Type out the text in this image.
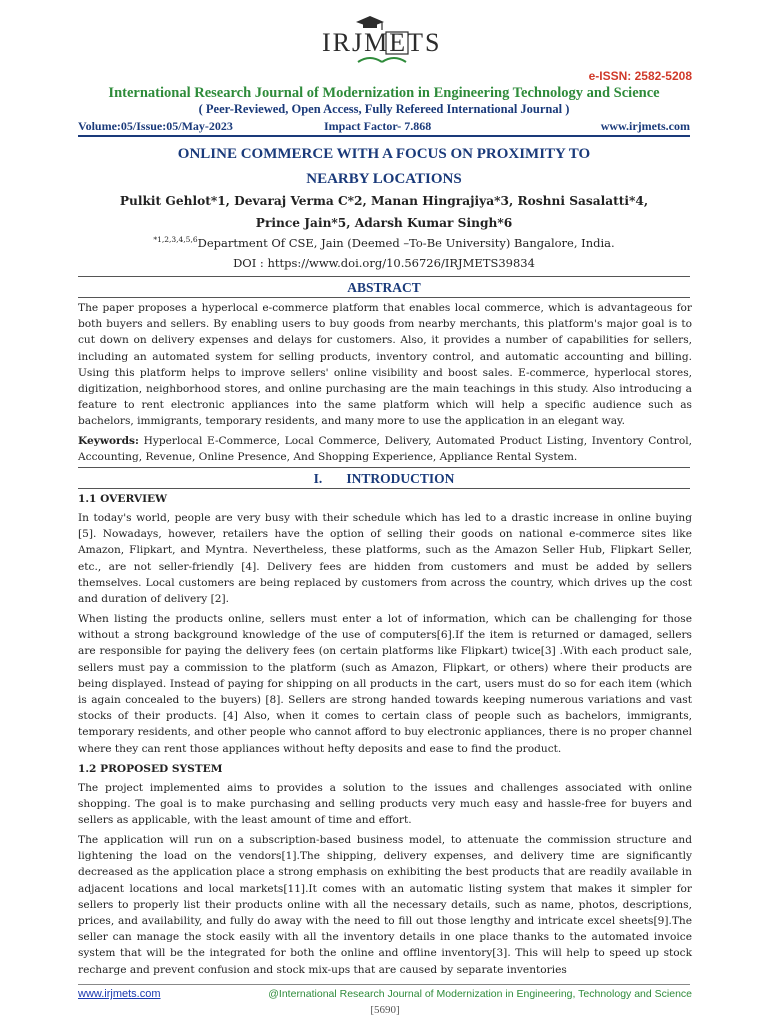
IRJMETS
e-ISSN: 2582-5208
International Research Journal of Modernization in Engineering Technology and Science
( Peer-Reviewed, Open Access, Fully Refereed International Journal )
Volume:05/Issue:05/May-2023	Impact Factor- 7.868	www.irjmets.com
ONLINE COMMERCE WITH A FOCUS ON PROXIMITY TO
NEARBY LOCATIONS
Pulkit Gehlot*1, Devaraj Verma C*2, Manan Hingrajiya*3, Roshni Sasalatti*4,
Prince Jain*5, Adarsh Kumar Singh*6
$^{*1,2,3,4,5,6}$Department Of CSE, Jain (Deemed –To-Be University) Bangalore, India.
DOI : https://www.doi.org/10.56726/IRJMETS39834
ABSTRACT

The paper proposes a hyperlocal e-commerce platform that enables local commerce, which is advantageous for both buyers and sellers. By enabling users to buy goods from nearby merchants, this platform's major goal is to cut down on delivery expenses and delays for customers. Also, it provides a number of capabilities for sellers, including an automated system for selling products, inventory control, and automatic accounting and billing. Using this platform helps to improve sellers' online visibility and boost sales. E-commerce, hyperlocal stores, digitization, neighborhood stores, and online purchasing are the main teachings in this study. Also introducing a feature to rent electronic appliances into the same platform which will help a specific audience such as bachelors, immigrants, temporary residents, and many more to use the application in an elegant way.

Keywords: Hyperlocal E-Commerce, Local Commerce, Delivery, Automated Product Listing, Inventory Control, Accounting, Revenue, Online Presence, And Shopping Experience, Appliance Rental System.

I. INTRODUCTION
1.1 OVERVIEW

In today's world, people are very busy with their schedule which has led to a drastic increase in online buying [5]. Nowadays, however, retailers have the option of selling their goods on national e-commerce sites like Amazon, Flipkart, and Myntra. Nevertheless, these platforms, such as the Amazon Seller Hub, Flipkart Seller, etc., are not seller-friendly [4]. Delivery fees are hidden from customers and must be added by sellers themselves. Local customers are being replaced by customers from across the country, which drives up the cost and duration of delivery [2].

When listing the products online, sellers must enter a lot of information, which can be challenging for those without a strong background knowledge of the use of computers[6].If the item is returned or damaged, sellers are responsible for paying the delivery fees (on certain platforms like Flipkart) twice[3] .With each product sale, sellers must pay a commission to the platform (such as Amazon, Flipkart, or others) where their products are being displayed. Instead of paying for shipping on all products in the cart, users must do so for each item (which is again concealed to the buyers) [8]. Sellers are strong handed towards keeping numerous variations and vast stocks of their products. [4] Also, when it comes to certain class of people such as bachelors, immigrants, temporary residents, and other people who cannot afford to buy electronic appliances, there is no proper channel where they can rent those appliances without hefty deposits and ease to find the product.

1.2 PROPOSED SYSTEM

The project implemented aims to provides a solution to the issues and challenges associated with online shopping. The goal is to make purchasing and selling products very much easy and hassle-free for buyers and sellers as applicable, with the least amount of time and effort.

The application will run on a subscription-based business model, to attenuate the commission structure and lightening the load on the vendors[1].The shipping, delivery expenses, and delivery time are significantly decreased as the application place a strong emphasis on exhibiting the best products that are readily available in adjacent locations and local markets[11].It comes with an automatic listing system that makes it simpler for sellers to properly list their products online with all the necessary details, such as name, photos, descriptions, prices, and availability, and fully do away with the need to fill out those lengthy and intricate excel sheets[9].The seller can manage the stock easily with all the inventory details in one place thanks to the automated invoice system that will be the integrated for both the online and offline inventory[3]. This will help to speed up stock recharge and prevent confusion and stock mix-ups that are caused by separate inventories

www.irjmets.com	@International Research Journal of Modernization in Engineering, Technology and Science
[5690]
